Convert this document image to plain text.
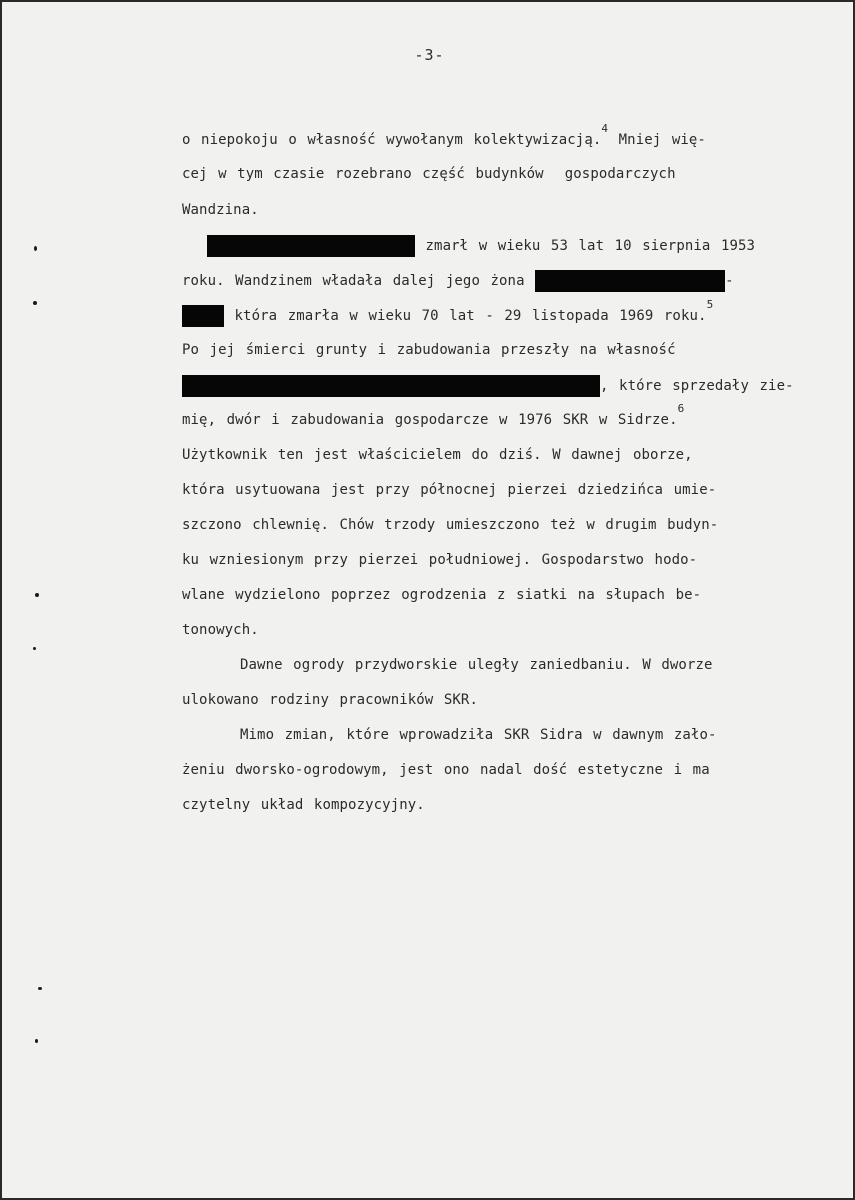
-3-
o niepokoju o własność wywołanym kolektywizacją.$^4$ Mniej wię-
cej w tym czasie rozebrano część budynków  gospodarczych
Wandzina.
zmarł w wieku 53 lat 10 sierpnia 1953
roku. Wandzinem władała dalej jego żona	-
która zmarła w wieku 70 lat - 29 listopada 1969 roku.$^5$
Po jej śmierci grunty i zabudowania przeszły na własność
, które sprzedały zie-
mię, dwór i zabudowania gospodarcze w 1976 SKR w Sidrze.$^6$
Użytkownik ten jest właścicielem do dziś. W dawnej oborze,
która usytuowana jest przy północnej pierzei dziedzińca umie-
szczono chlewnię. Chów trzody umieszczono też w drugim budyn-
ku wzniesionym przy pierzei południowej. Gospodarstwo hodo-
wlane wydzielono poprzez ogrodzenia z siatki na słupach be-
tonowych.
Dawne ogrody przydworskie uległy zaniedbaniu. W dworze
ulokowano rodziny pracowników SKR.
Mimo zmian, które wprowadziła SKR Sidra w dawnym zało-
żeniu dworsko-ogrodowym, jest ono nadal dość estetyczne i ma
czytelny układ kompozycyjny.
